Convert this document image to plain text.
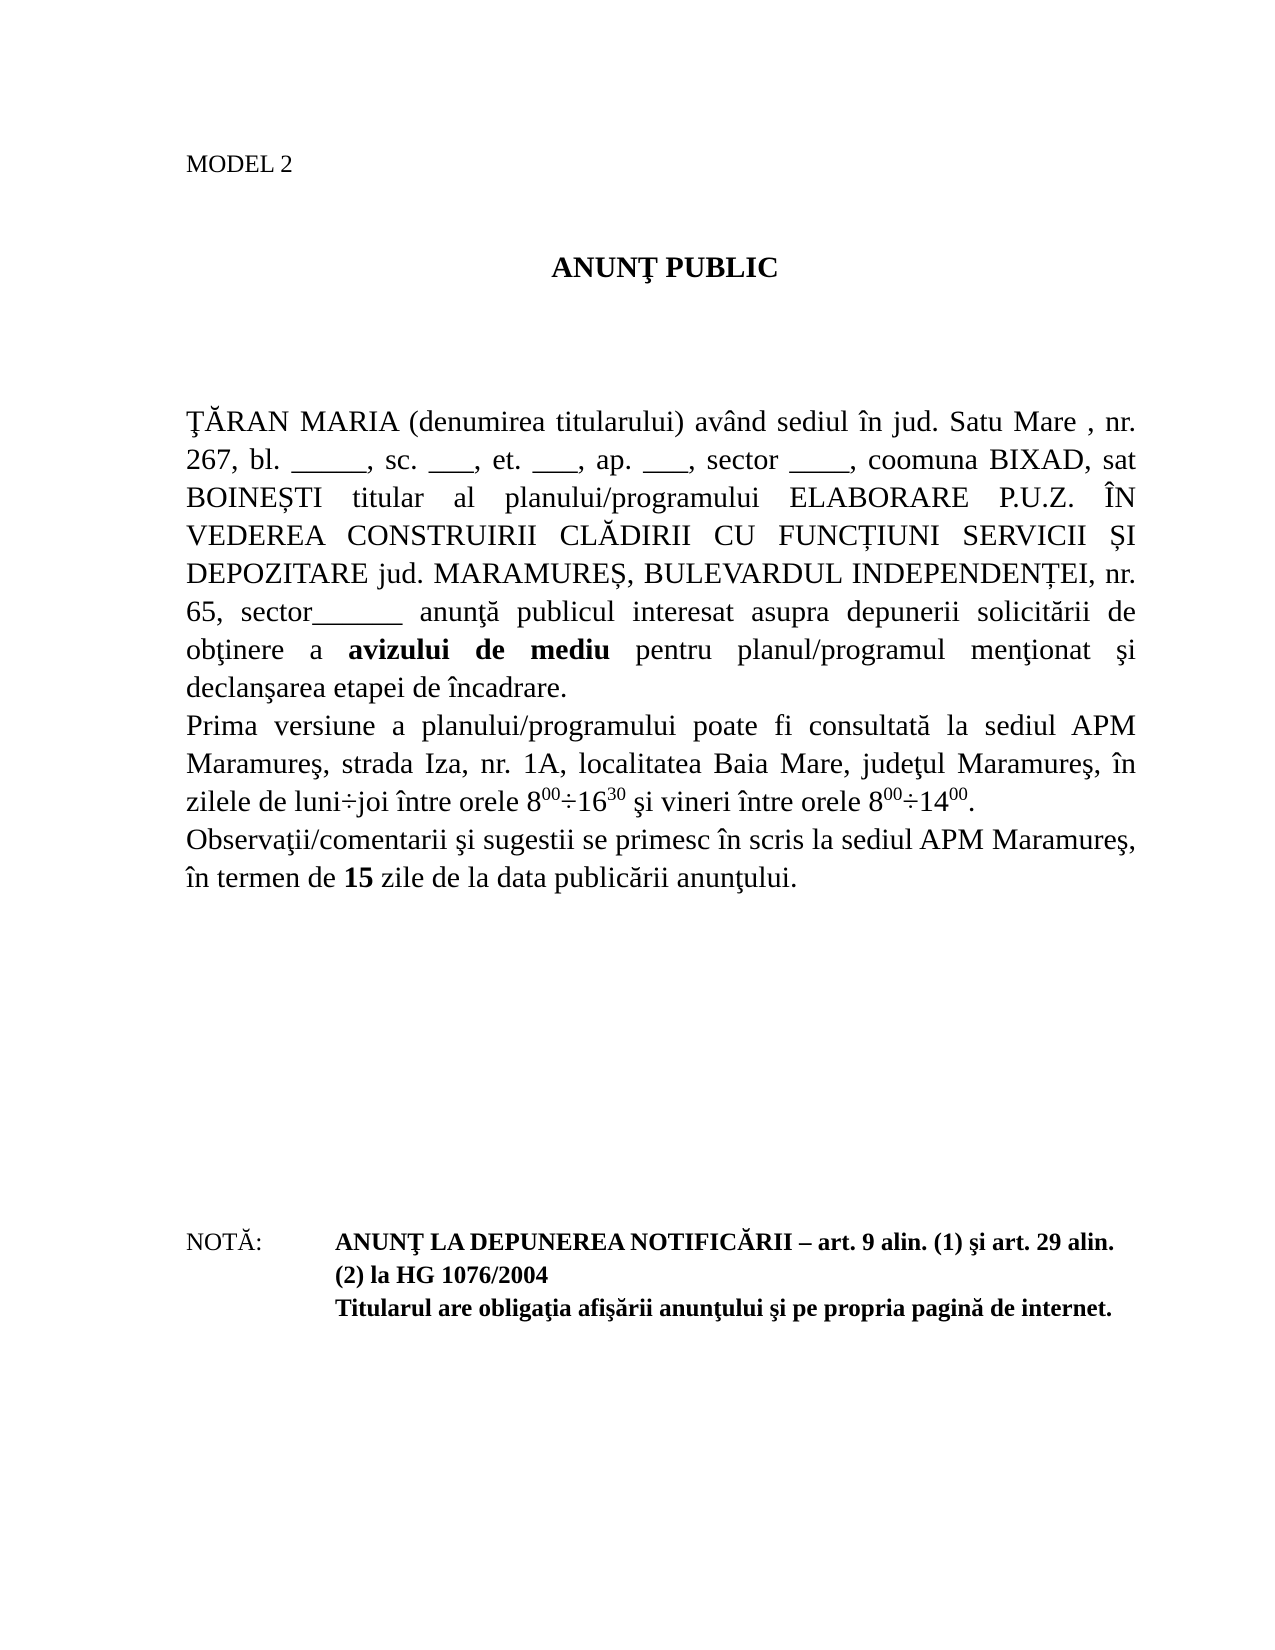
MODEL 2
ANUNŢ PUBLIC

ŢĂRAN MARIA (denumirea titularului) având sediul în jud. Satu Mare , nr. 267, bl. _____, sc. ___, et. ___, ap. ___, sector ____, coomuna BIXAD, sat BOINEȘTI titular al planului/programului ELABORARE P.U.Z. ÎN VEDEREA CONSTRUIRII CLĂDIRII CU FUNCȚIUNI SERVICII ȘI DEPOZITARE jud. MARAMUREȘ, BULEVARDUL INDEPENDENȚEI, nr. 65, sector______ anunţă publicul interesat asupra depunerii solicitării de obţinere a avizului de mediu pentru planul/programul menţionat şi declanşarea etapei de încadrare.

Prima versiune a planului/programului poate fi consultată la sediul APM Maramureş, strada Iza, nr. 1A, localitatea Baia Mare, judeţul Maramureş, în zilele de luni÷joi între orele $8^{00}\div 16^{30}$ şi vineri între orele $8^{00}\div 14^{00}$.

Observaţii/comentarii şi sugestii se primesc în scris la sediul APM Maramureş, în termen de 15 zile de la data publicării anunţului.

NOTĂ:	ANUNŢ LA DEPUNEREA NOTIFICĂRII – art. 9 alin. (1) şi art. 29 alin. (2) la HG 1076/2004

Titularul are obligaţia afişării anunţului şi pe propria pagină de internet.
